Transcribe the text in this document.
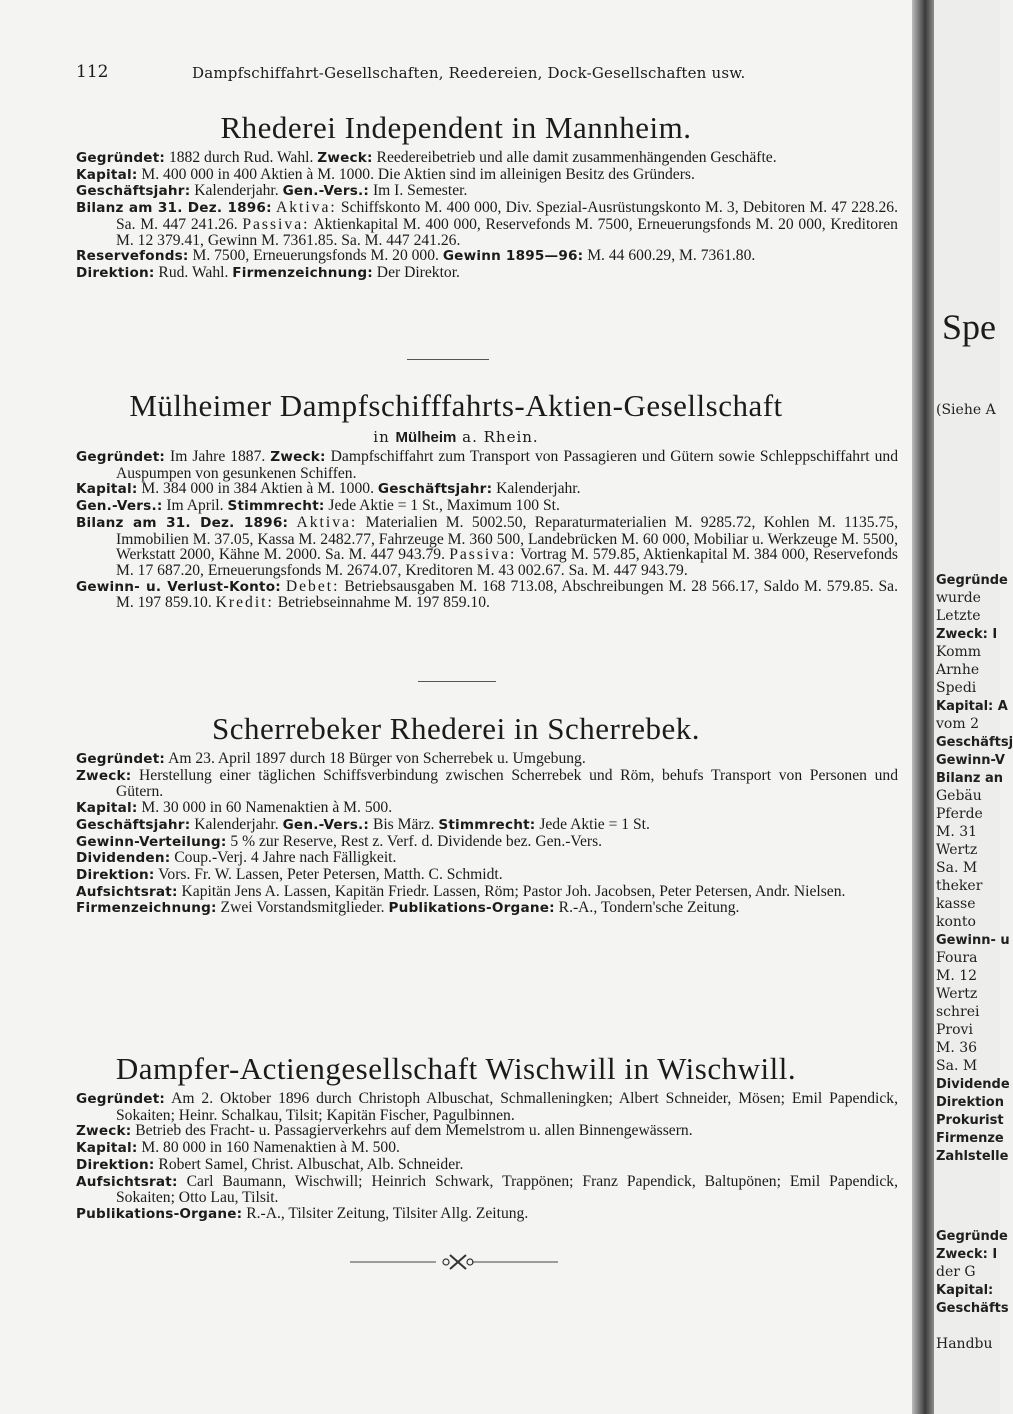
112	Dampfschiffahrt-Gesellschaften, Reedereien, Dock-Gesellschaften usw.
Rhederei Independent in Mannheim.

Gegründet: 1882 durch Rud. Wahl. Zweck: Reedereibetrieb und alle damit zusammenhängenden Geschäfte.

Kapital: M. 400 000 in 400 Aktien à M. 1000. Die Aktien sind im alleinigen Besitz des Gründers.

Geschäftsjahr: Kalenderjahr. Gen.-Vers.: Im I. Semester.

Bilanz am 31. Dez. 1896: Aktiva: Schiffskonto M. 400 000, Div. Spezial-Ausrüstungskonto M. 3, Debitoren M. 47 228.26. Sa. M. 447 241.26. Passiva: Aktienkapital M. 400 000, Reservefonds M. 7500, Erneuerungsfonds M. 20 000, Kreditoren M. 12 379.41, Gewinn M. 7361.85. Sa. M. 447 241.26.

Reservefonds: M. 7500, Erneuerungsfonds M. 20 000. Gewinn 1895—96: M. 44 600.29, M. 7361.80.

Direktion: Rud. Wahl. Firmenzeichnung: Der Direktor.

Mülheimer Dampfschifffahrts-Aktien-Gesellschaft
in Mülheim a. Rhein.

Gegründet: Im Jahre 1887. Zweck: Dampfschiffahrt zum Transport von Passagieren und Gütern sowie Schleppschiffahrt und Auspumpen von gesunkenen Schiffen.

Kapital: M. 384 000 in 384 Aktien à M. 1000. Geschäftsjahr: Kalenderjahr.

Gen.-Vers.: Im April. Stimmrecht: Jede Aktie = 1 St., Maximum 100 St.

Bilanz am 31. Dez. 1896: Aktiva: Materialien M. 5002.50, Reparaturmaterialien M. 9285.72, Kohlen M. 1135.75, Immobilien M. 37.05, Kassa M. 2482.77, Fahrzeuge M. 360 500, Landebrücken M. 60 000, Mobiliar u. Werkzeuge M. 5500, Werkstatt 2000, Kähne M. 2000. Sa. M. 447 943.79. Passiva: Vortrag M. 579.85, Aktienkapital M. 384 000, Reservefonds M. 17 687.20, Erneuerungsfonds M. 2674.07, Kreditoren M. 43 002.67. Sa. M. 447 943.79.

Gewinn- u. Verlust-Konto: Debet: Betriebsausgaben M. 168 713.08, Abschreibungen M. 28 566.17, Saldo M. 579.85. Sa. M. 197 859.10. Kredit: Betriebseinnahme M. 197 859.10.

Scherrebeker Rhederei in Scherrebek.

Gegründet: Am 23. April 1897 durch 18 Bürger von Scherrebek u. Umgebung.

Zweck: Herstellung einer täglichen Schiffsverbindung zwischen Scherrebek und Röm, behufs Transport von Personen und Gütern.

Kapital: M. 30 000 in 60 Namenaktien à M. 500.

Geschäftsjahr: Kalenderjahr. Gen.-Vers.: Bis März. Stimmrecht: Jede Aktie = 1 St.

Gewinn-Verteilung: 5 % zur Reserve, Rest z. Verf. d. Dividende bez. Gen.-Vers.

Dividenden: Coup.-Verj. 4 Jahre nach Fälligkeit.

Direktion: Vors. Fr. W. Lassen, Peter Petersen, Matth. C. Schmidt.

Aufsichtsrat: Kapitän Jens A. Lassen, Kapitän Friedr. Lassen, Röm; Pastor Joh. Jacobsen, Peter Petersen, Andr. Nielsen.

Firmenzeichnung: Zwei Vorstandsmitglieder. Publikations-Organe: R.-A., Tondern'sche Zeitung.

Dampfer-Actiengesellschaft Wischwill in Wischwill.

Gegründet: Am 2. Oktober 1896 durch Christoph Albuschat, Schmalleningken; Albert Schneider, Mösen; Emil Papendick, Sokaiten; Heinr. Schalkau, Tilsit; Kapitän Fischer, Pagulbinnen.

Zweck: Betrieb des Fracht- u. Passagierverkehrs auf dem Memelstrom u. allen Binnengewässern.

Kapital: M. 80 000 in 160 Namenaktien à M. 500.

Direktion: Robert Samel, Christ. Albuschat, Alb. Schneider.

Aufsichtsrat: Carl Baumann, Wischwill; Heinrich Schwark, Trappönen; Franz Papendick, Baltupönen; Emil Papendick, Sokaiten; Otto Lau, Tilsit.

Publikations-Organe: R.-A., Tilsiter Zeitung, Tilsiter Allg. Zeitung.

Spe
(Siehe A
Gegründe
wurde
Letzte
Zweck: I
Komm
Arnhe
Spedi
Kapital: A
vom 2
Geschäftsj
Gewinn-V
Bilanz an
Gebäu
Pferde
M. 31
Wertz
Sa. M
theker
kasse
konto
Gewinn- u
Foura
M. 12
Wertz
schrei
Provi
M. 36
Sa. M
Dividende
Direktion
Prokurist
Firmenze
Zahlstelle
Gegründe
Zweck: I
der G
Kapital:
Geschäfts
Handbu
